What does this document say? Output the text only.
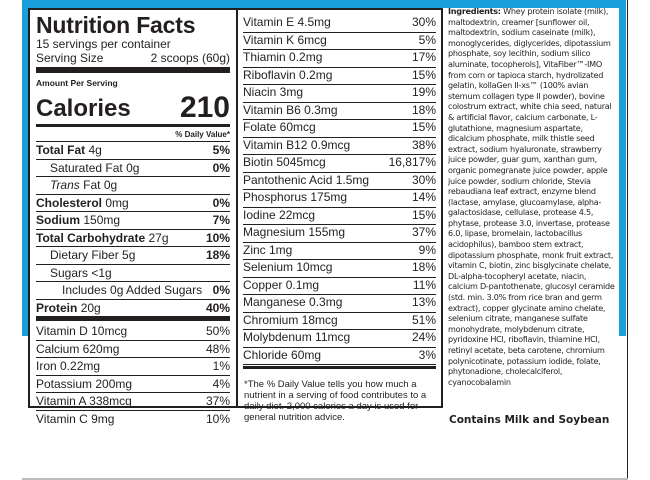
Nutrition Facts
15 servings per container
Serving Size	2 scoops (60g)
Amount Per Serving
Calories 210
% Daily Value*
Total Fat 4g	5%
Saturated Fat 0g	0%
Trans Fat 0g
Cholesterol 0mg	0%
Sodium 150mg	7%
Total Carbohydrate 27g	10%
Dietary Fiber 5g	18%
Sugars <1g
Includes 0g Added Sugars 0%
Protein 20g	40%
Vitamin D 10mcg	50%
Calcium 620mg	48%
Iron 0.22mg	1%
Potassium 200mg	4%
Vitamin A 338mcg	37%
Vitamin C 9mg	10%
Vitamin E 4.5mg	30%
Vitamin K 6mcg	5%
Thiamin 0.2mg	17%
Riboflavin 0.2mg	15%
Niacin 3mg	19%
Vitamin B6 0.3mg	18%
Folate 60mcg	15%
Vitamin B12 0.9mcg	38%
Biotin 5045mcg	16,817%
Pantothenic Acid 1.5mg	30%
Phosphorus 175mg	14%
Iodine 22mcg	15%
Magnesium 155mg	37%
Zinc 1mg	9%
Selenium 10mcg	18%
Copper 0.1mg	11%
Manganese 0.3mg	13%
Chromium 18mcg	51%
Molybdenum 11mcg	24%
Chloride 60mg	3%
*The % Daily Value tells you how much a nutrient in a serving of food contributes to a daily diet. 2,000 calories a day is used for general nutrition advice.
Ingredients: Whey protein isolate (milk), maltodextrin, creamer [sunflower oil, maltodextrin, sodium caseinate (milk), monoglycerides, diglycerides, dipotassium phosphate, soy lecithin, sodium silico aluminate, tocopherols], VitaFiber™-IMO from corn or tapioca starch, hydrolizated gelatin, kollaGen II-xs™ (100% avian sternum collagen type II powder), bovine colostrum extract, white chia seed, natural & artificial flavor, calcium carbonate, L-glutathione, magnesium aspartate, dicalcium phosphate, milk thistle seed extract, sodium hyaluronate, strawberry juice powder, guar gum, xanthan gum, organic pomegranate juice powder, apple juice powder, sodium chloride, Stevia rebaudiana leaf extract, enzyme blend (lactase, amylase, glucoamylase, alpha-galactosidase, cellulase, protease 4.5, phytase, protease 3.0, invertase, protease 6.0, lipase, bromelain, lactobacillus acidophilus), bamboo stem extract, dipotassium phosphate, monk fruit extract, vitamin C, biotin, zinc bisglycinate chelate, DL-alpha-tocopheryl acetate, niacin, calcium D-pantothenate, glucosyl ceramide (std. min. 3.0% from rice bran and germ extract), copper glycinate amino chelate, selenium citrate, manganese sulfate monohydrate, molybdenum citrate, pyridoxine HCl, riboflavin, thiamine HCl, retinyl acetate, beta carotene, chromium polynicotinate, potassium iodide, folate, phytonadione, cholecalciferol, cyanocobalamin
Contains Milk and Soybean
